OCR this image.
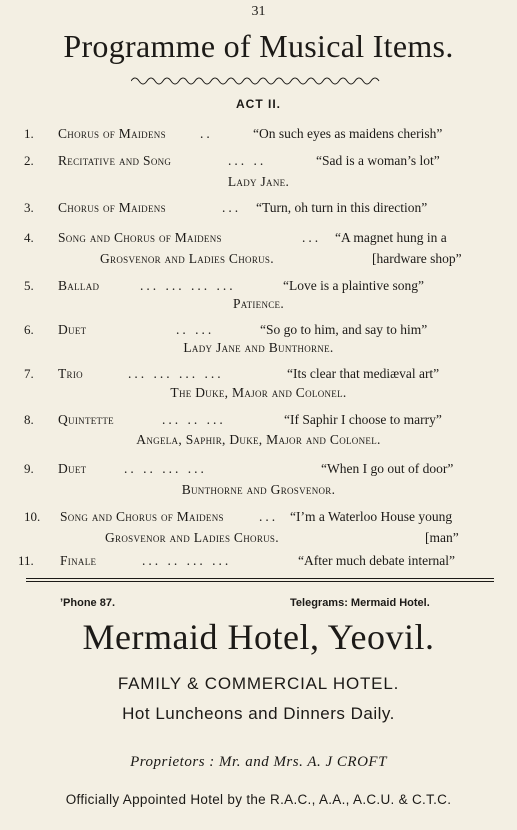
31
Programme of Musical Items.
ACT II.
1.	Chorus of Maidens	..	“On such eyes as maidens cherish”
2.	Recitative and Song	... ..	“Sad is a woman’s lot”
Lady Jane.
3.	Chorus of Maidens	... “Turn, oh turn in this direction”
4.	Song and Chorus of Maidens	... “A magnet hung in a
Grosvenor and Ladies Chorus.	[hardware shop”
5.	Ballad	... ... ... ...	“Love is a plaintive song”
Patience.
6.	Duet	.. ...	“So go to him, and say to him”
Lady Jane and Bunthorne.
7.	Trio	... ... ... ...	“Its clear that mediæval art”
The Duke, Major and Colonel.
8.	Quintette	... .. ...	“If Saphir I choose to marry”
Angela, Saphir, Duke, Major and Colonel.
9.	Duet	.. .. ... ...	“When I go out of door”
Bunthorne and Grosvenor.
10.	Song and Chorus of Maidens	... “I’m a Waterloo House young
Grosvenor and Ladies Chorus.	[man”
11.	Finale	... .. ... ...	“After much debate internal”
’Phone 87.	Telegrams: Mermaid Hotel.
Mermaid Hotel, Yeovil.
FAMILY & COMMERCIAL HOTEL.
Hot Luncheons and Dinners Daily.
Proprietors : Mr. and Mrs. A. J CROFT
Officially Appointed Hotel by the R.A.C., A.A., A.C.U. & C.T.C.
